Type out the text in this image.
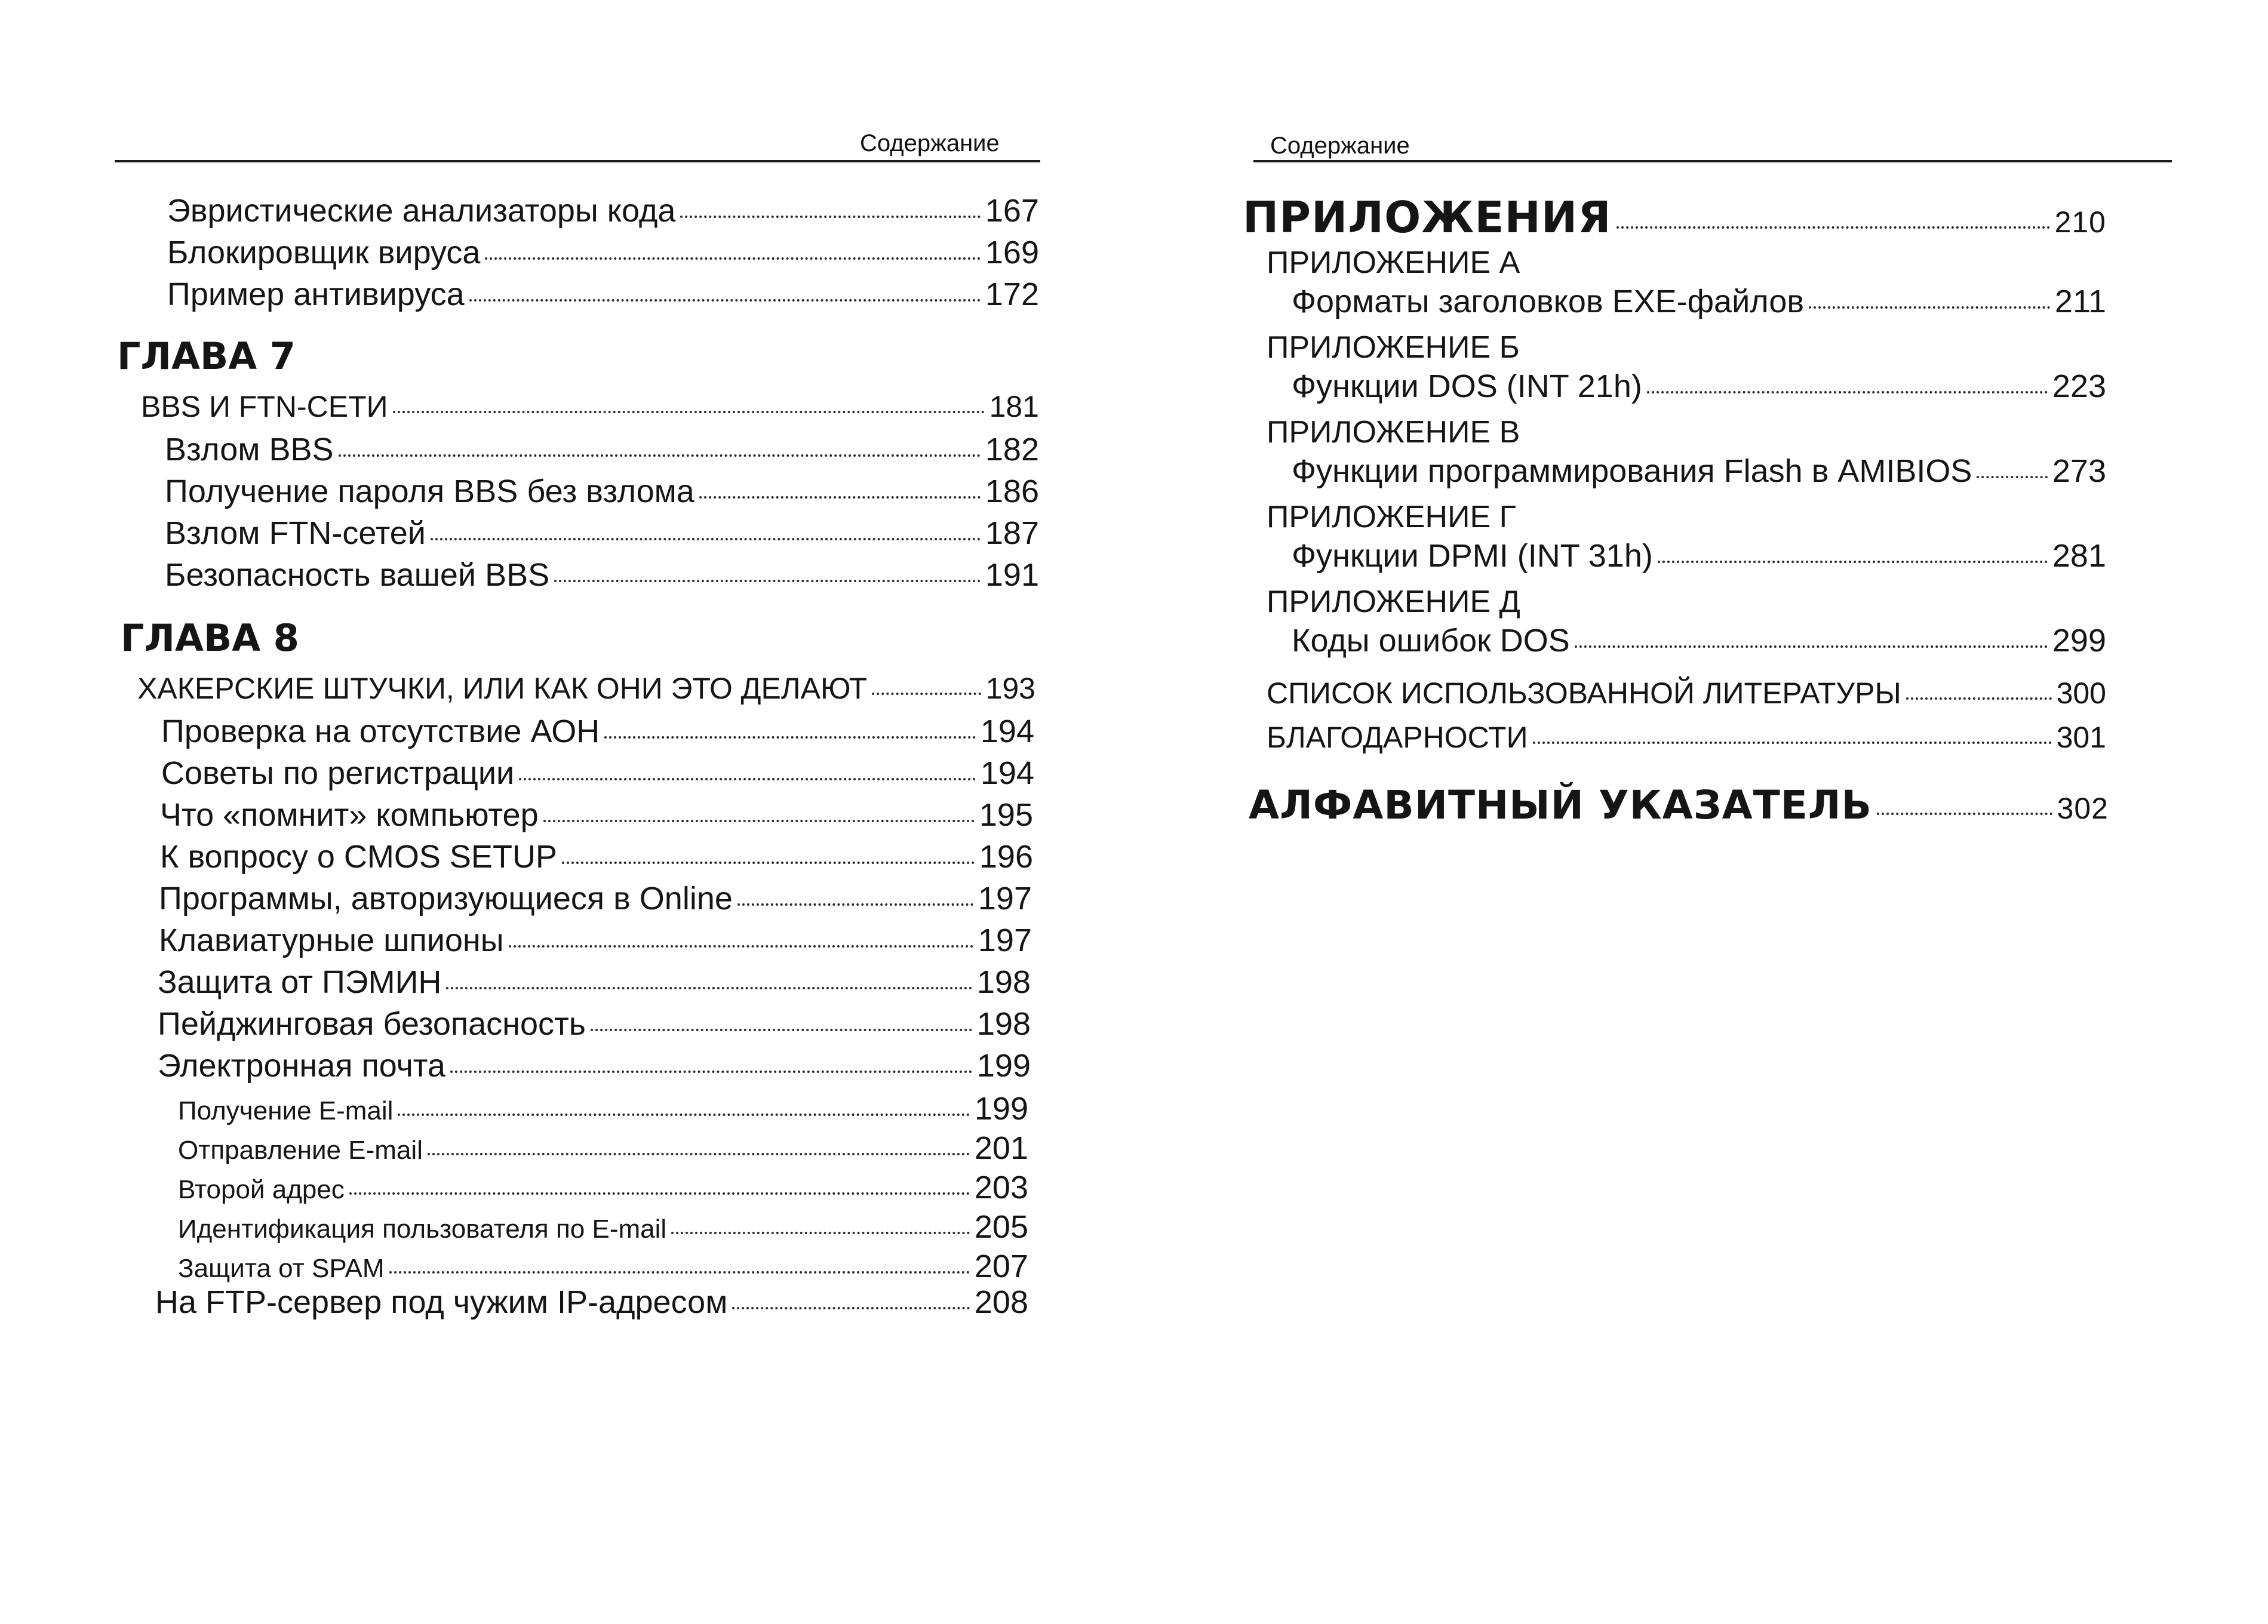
Содержание
Эвристические анализаторы кода	167
Блокировщик вируса	169
Пример антивируса	172
ГЛАВА 7
BBS И FTN-СЕТИ	181
Взлом BBS	182
Получение пароля BBS без взлома	186
Взлом FTN-сетей	187
Безопасность вашей BBS	191
ГЛАВА 8
ХАКЕРСКИЕ ШТУЧКИ, ИЛИ КАК ОНИ ЭТО ДЕЛАЮТ	193
Проверка на отсутствие АОН	194
Советы по регистрации	194
Что «помнит» компьютер	195
К вопросу о CMOS SETUP	196
Программы, авторизующиеся в Online	197
Клавиатурные шпионы	197
Защита от ПЭМИН	198
Пейджинговая безопасность	198
Электронная почта	199
Получение E-mail	199
Отправление E-mail	201
Второй адрес	203
Идентификация пользователя по E-mail	205
Защита от SPAM	207
На FTP-сервер под чужим IP-адресом	208
Содержание
ПРИЛОЖЕНИЯ	210
ПРИЛОЖЕНИЕ А
Форматы заголовков EXE-файлов	211
ПРИЛОЖЕНИЕ Б
Функции DOS (INT 21h)	223
ПРИЛОЖЕНИЕ В
Функции программирования Flash в AMIBIOS 273
ПРИЛОЖЕНИЕ Г
Функции DPMI (INT 31h)	281
ПРИЛОЖЕНИЕ Д
Коды ошибок DOS	299
СПИСОК ИСПОЛЬЗОВАННОЙ ЛИТЕРАТУРЫ	300
БЛАГОДАРНОСТИ	301
АЛФАВИТНЫЙ УКАЗАТЕЛЬ	302
